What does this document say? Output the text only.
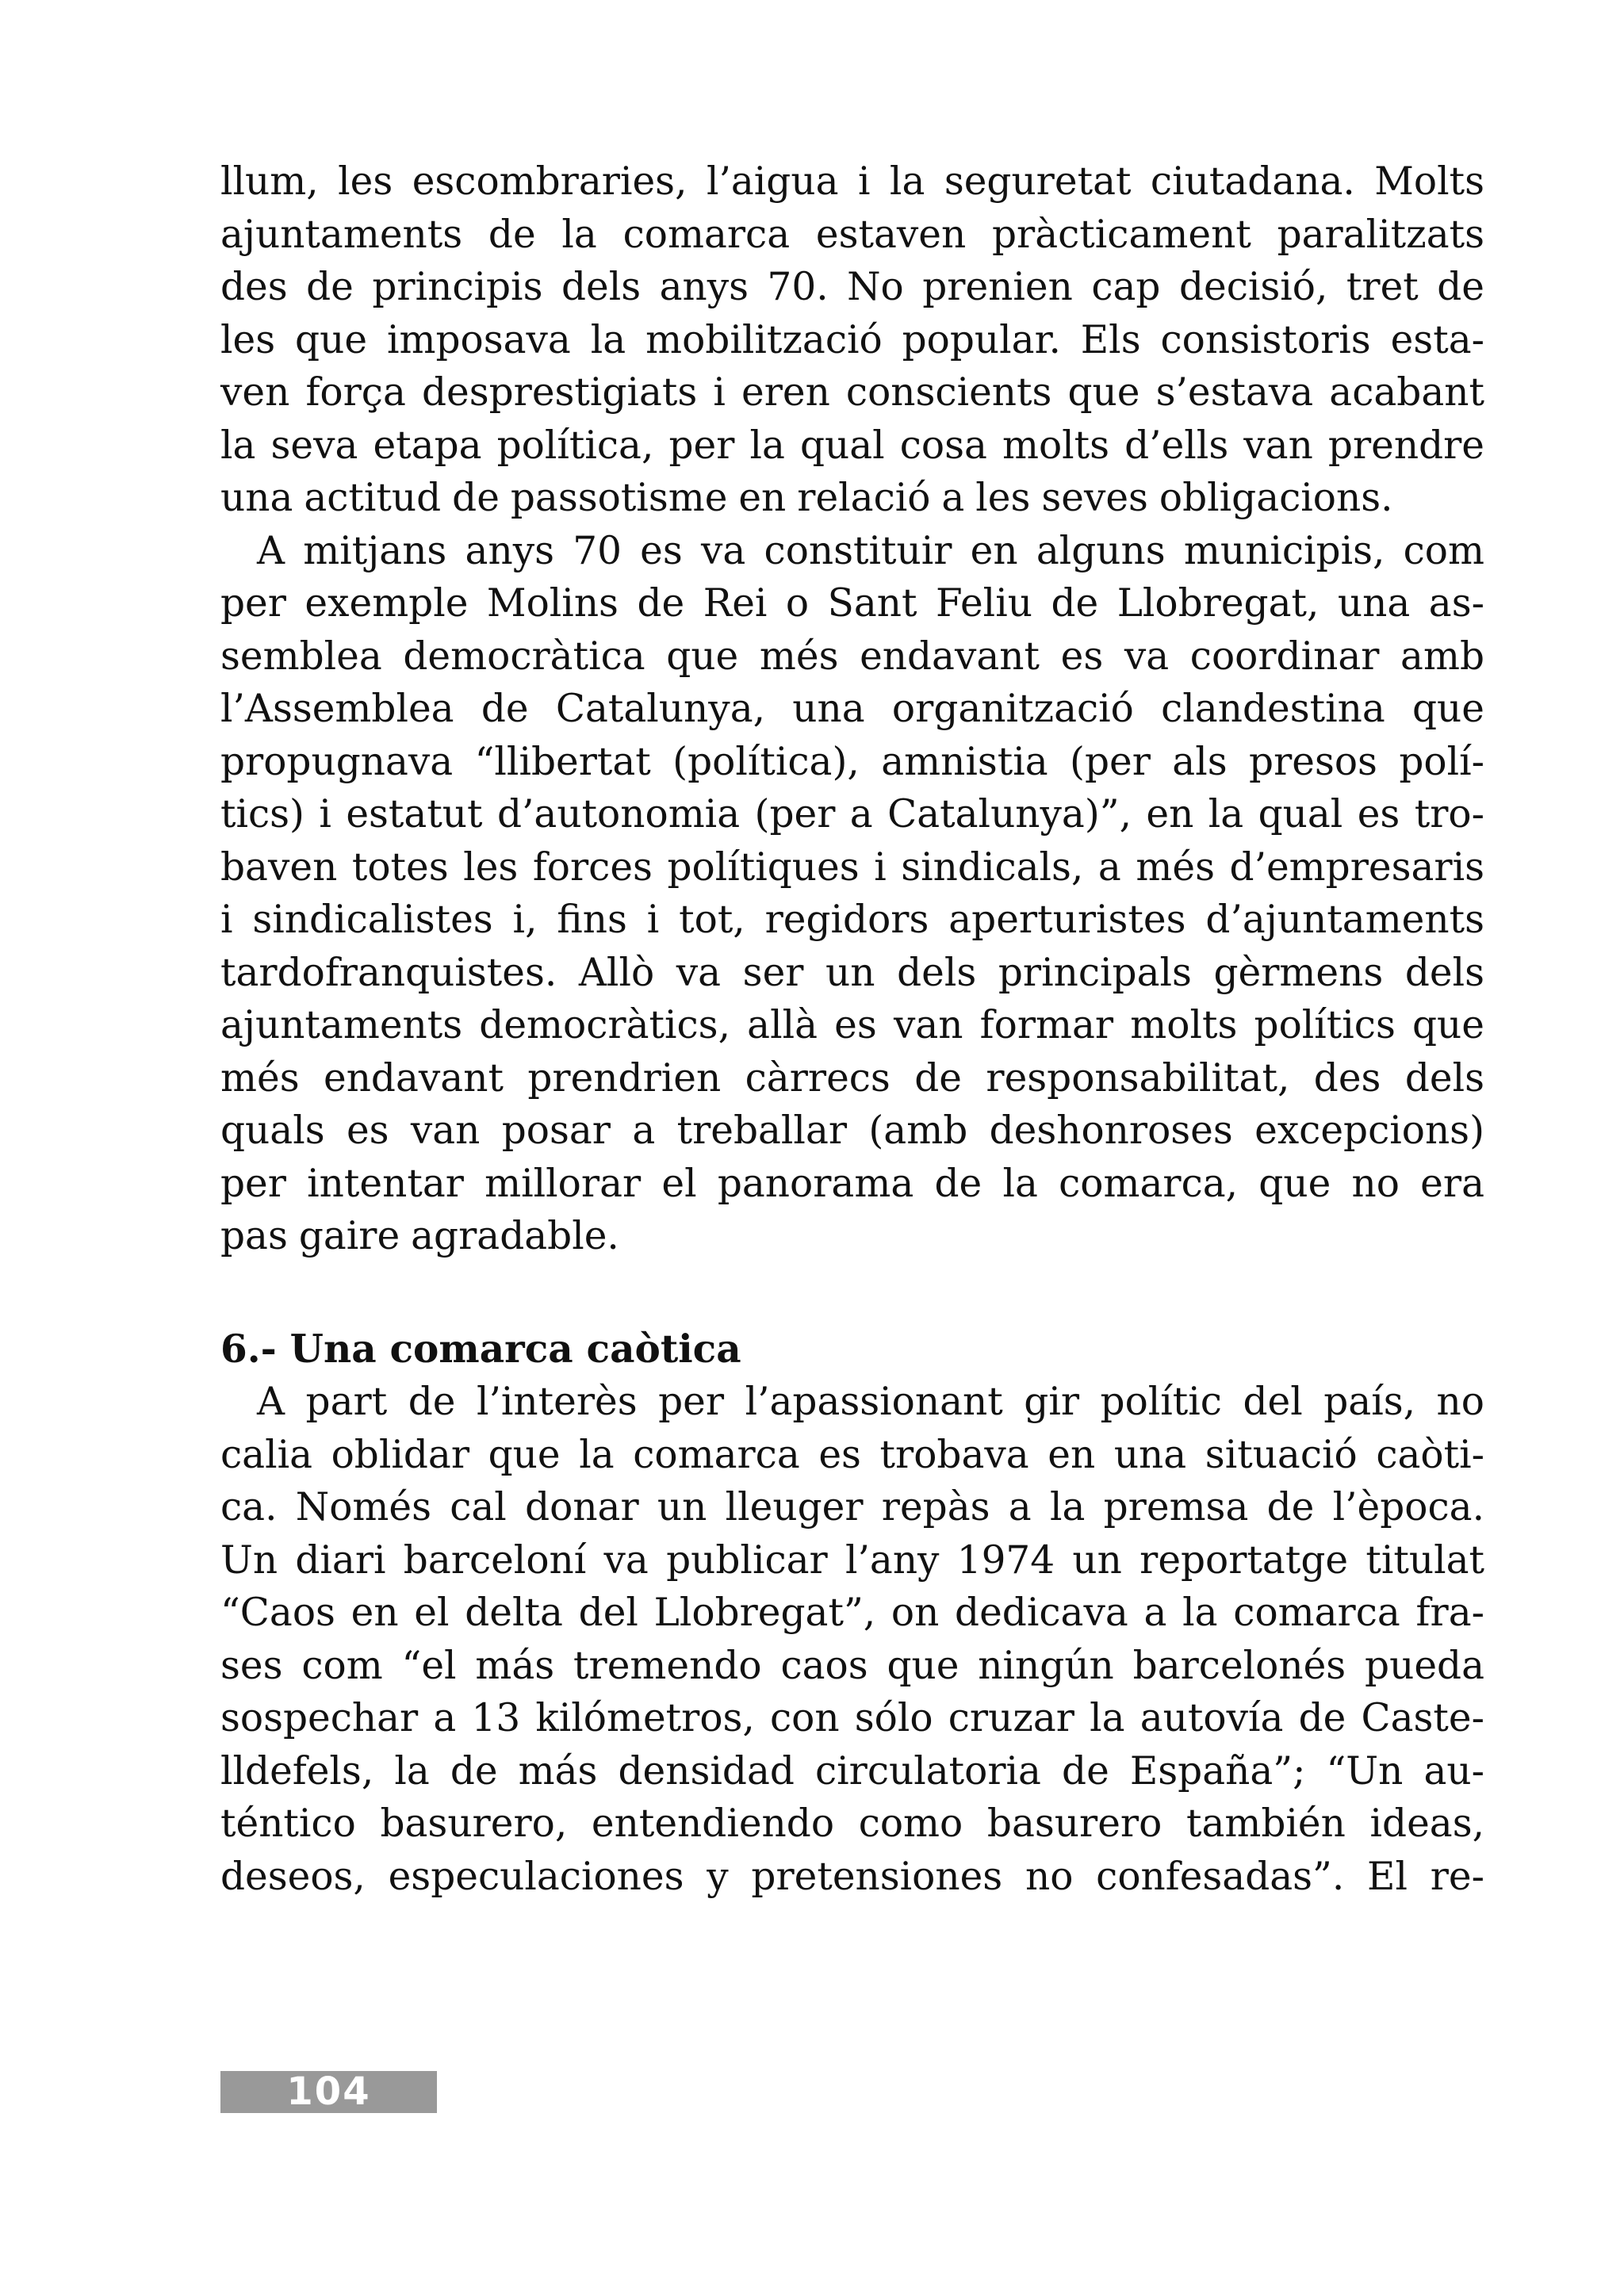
llum, les escombraries, l’aigua i la seguretat ciutadana. Molts
ajuntaments de la comarca estaven pràcticament paralitzats
des de principis dels anys 70. No prenien cap decisió, tret de
les que imposava la mobilització popular. Els consistoris esta-
ven força desprestigiats i eren conscients que s’estava acabant
la seva etapa política, per la qual cosa molts d’ells van prendre
una actitud de passotisme en relació a les seves obligacions.
A mitjans anys 70 es va constituir en alguns municipis, com
per exemple Molins de Rei o Sant Feliu de Llobregat, una as-
semblea democràtica que més endavant es va coordinar amb
l’Assemblea de Catalunya, una organització clandestina que
propugnava “llibertat (política), amnistia (per als presos polí-
tics) i estatut d’autonomia (per a Catalunya)”, en la qual es tro-
baven totes les forces polítiques i sindicals, a més d’empresaris
i sindicalistes i, fins i tot, regidors aperturistes d’ajuntaments
tardofranquistes. Allò va ser un dels principals gèrmens dels
ajuntaments democràtics, allà es van formar molts polítics que
més endavant prendrien càrrecs de responsabilitat, des dels
quals es van posar a treballar (amb deshonroses excepcions)
per intentar millorar el panorama de la comarca, que no era
pas gaire agradable.
6.- Una comarca caòtica
A part de l’interès per l’apassionant gir polític del país, no
calia oblidar que la comarca es trobava en una situació caòti-
ca. Només cal donar un lleuger repàs a la premsa de l’època.
Un diari barceloní va publicar l’any 1974 un reportatge titulat
“Caos en el delta del Llobregat”, on dedicava a la comarca fra-
ses com “el más tremendo caos que ningún barcelonés pueda
sospechar a 13 kilómetros, con sólo cruzar la autovía de Caste-
lldefels, la de más densidad circulatoria de España”; “Un au-
téntico basurero, entendiendo como basurero también ideas,
deseos, especulaciones y pretensiones no confesadas”. El re-
104
